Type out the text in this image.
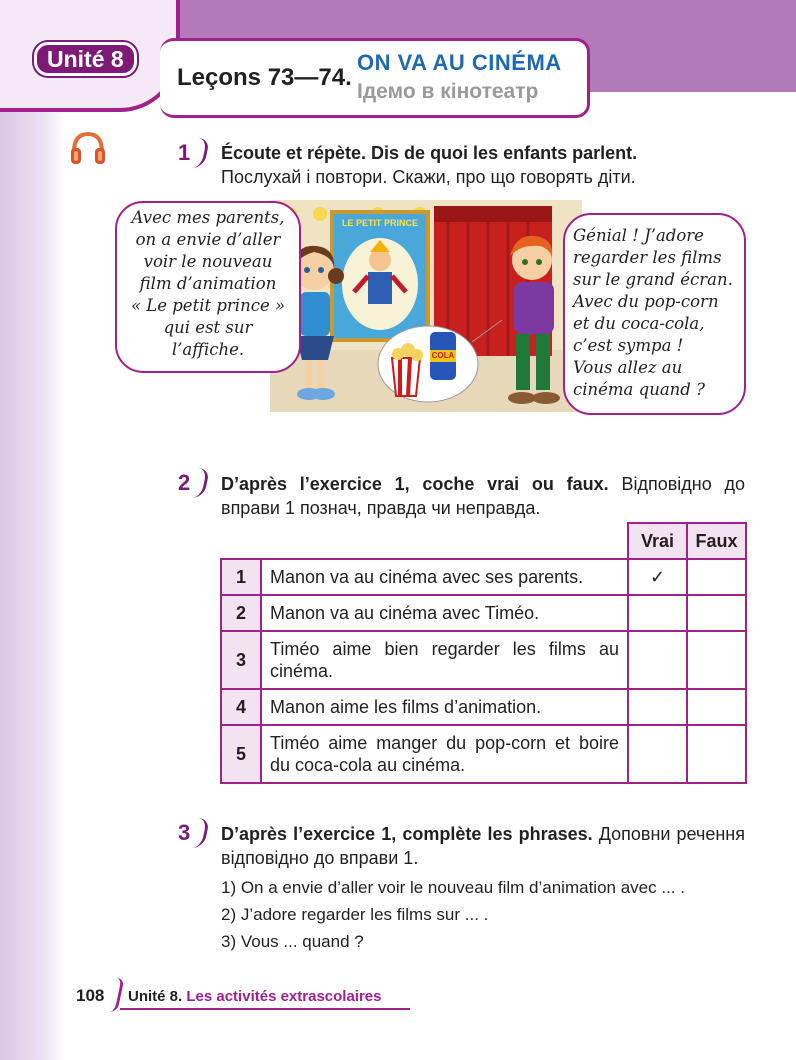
Unité 8
Leçons 73—74.
ON VA AU CINÉMA
Ідемо в кінотеатр
1 Écoute et répète. Dis de quoi les enfants parlent.
Послухай і повтори. Скажи, про що говорять діти.
LE PETIT PRINCE
COLA
Avec mes parents,
on a envie d’aller
voir le nouveau
film d’animation
« Le petit prince »
qui est sur
l’affiche.
Génial ! J’adore
regarder les films
sur le grand écran.
Avec du pop-corn
et du coca-cola,
c’est sympa !
Vous allez au
cinéma quand ?
2 D’après l’exercice 1, coche vrai ou faux. Відповідно до вправи 1 познач, правда чи неправда.
		Vrai	Faux
1	Manon va au cinéma avec ses parents.	✓	
2	Manon va au cinéma avec Timéo.		
3	Timéo aime bien regarder les films au cinéma.		
4	Manon aime les films d’animation.		
5	Timéo aime manger du pop-corn et boire du coca-cola au cinéma.		
3 D’après l’exercice 1, complète les phrases. Доповни речення відповідно до вправи 1.
1) On a envie d’aller voir le nouveau film d’animation avec ... .
2) J’adore regarder les films sur ... .
3) Vous ... quand ?
108 Unité 8. Les activités extrascolaires
